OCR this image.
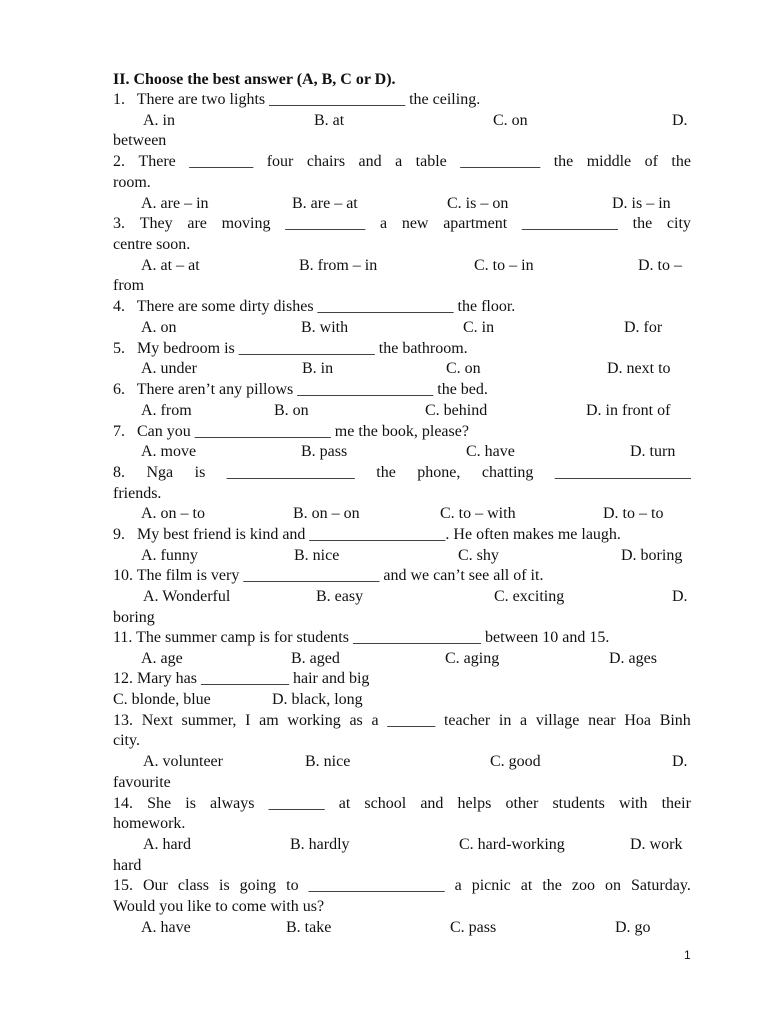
II. Choose the best answer (A, B, C or D).
1.   There are two lights _________________ the ceiling.
A. in	B. at	C. on	D.
between
2. There ________ four chairs and a table __________ the middle of the
room.
A. are – in	B. are – at	C. is – on	D. is – in
3. They are moving __________ a new apartment ____________ the city
centre soon.
A. at – at	B. from – in	C. to – in	D. to –
from
4.   There are some dirty dishes _________________ the floor.
A. on	B. with	C. in	D. for
5.   My bedroom is _________________ the bathroom.
A. under	B. in	C. on	D. next to
6.   There aren’t any pillows _________________ the bed.
A. from	B. on	C. behind	D. in front of
7.   Can you _________________ me the book, please?
A. move	B. pass	C. have	D. turn
8. Nga is ________________ the phone, chatting _________________
friends.
A. on – to	B. on – on	C. to – with	D. to – to
9.   My best friend is kind and _________________. He often makes me laugh.
A. funny	B. nice	C. shy	D. boring
10. The film is very _________________ and we can’t see all of it.
A. Wonderful	B. easy	C. exciting	D.
boring
11. The summer camp is for students ________________ between 10 and 15.
A. age	B. aged	C. aging	D. ages
12. Mary has ___________ hair and big
C. blonde, blue	D. black, long
13. Next summer, I am working as a ______ teacher in a village near Hoa Binh
city.
A. volunteer	B. nice	C. good	D.
favourite
14. She is always _______ at school and helps other students with their
homework.
A. hard	B. hardly	C. hard-working	D. work
hard
15. Our class is going to _________________ a picnic at the zoo on Saturday.
Would you like to come with us?
A. have	B. take	C. pass	D. go
1
